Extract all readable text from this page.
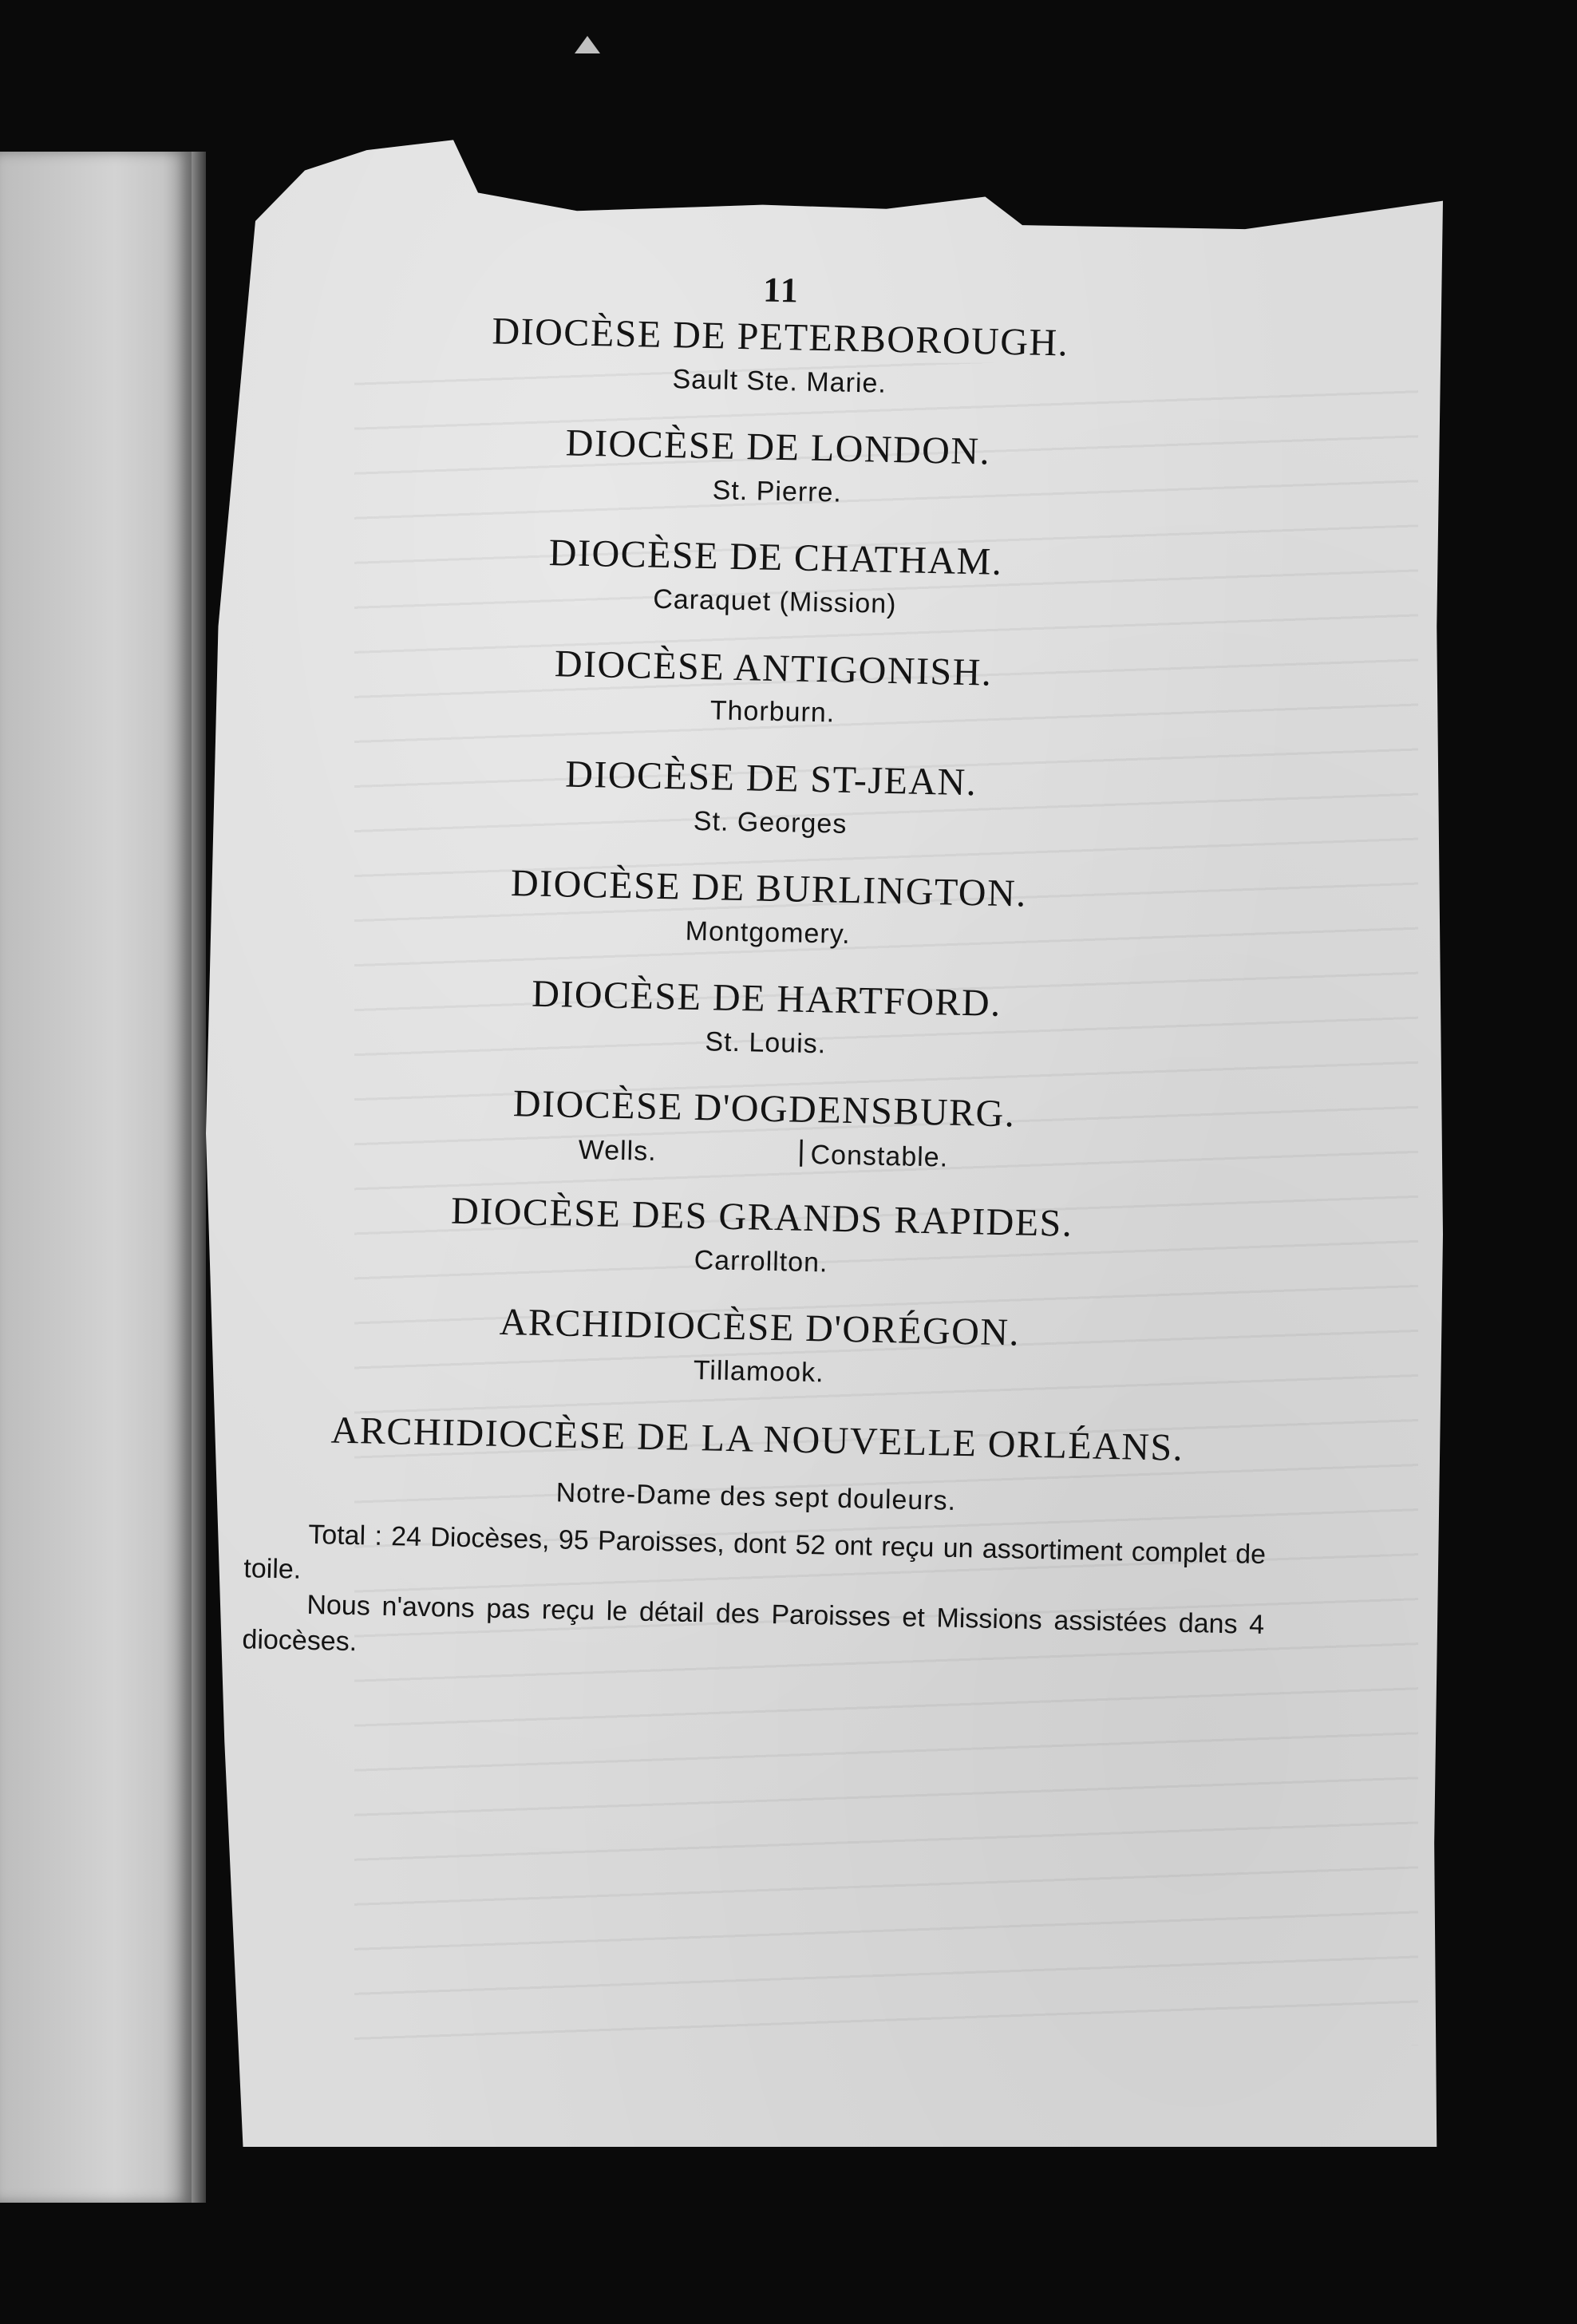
11
DIOCÈSE DE PETERBOROUGH.
Sault Ste. Marie.
DIOCÈSE DE LONDON.
St. Pierre.
DIOCÈSE DE CHATHAM.
Caraquet (Mission)
DIOCÈSE ANTIGONISH.
Thorburn.
DIOCÈSE DE ST-JEAN.
St. Georges
DIOCÈSE DE BURLINGTON.
Montgomery.
DIOCÈSE DE HARTFORD.
St. Louis.
DIOCÈSE D'OGDENSBURG.
Wells.	Constable.
DIOCÈSE DES GRANDS RAPIDES.
Carrollton.
ARCHIDIOCÈSE D'ORÉGON.
Tillamook.
ARCHIDIOCÈSE DE LA NOUVELLE ORLÉANS.
Notre-Dame des sept douleurs.

Total : 24 Diocèses, 95 Paroisses, dont 52 ont reçu un assortiment complet de toile.

Nous n'avons pas reçu le détail des Paroisses et Missions assistées dans 4 diocèses.
